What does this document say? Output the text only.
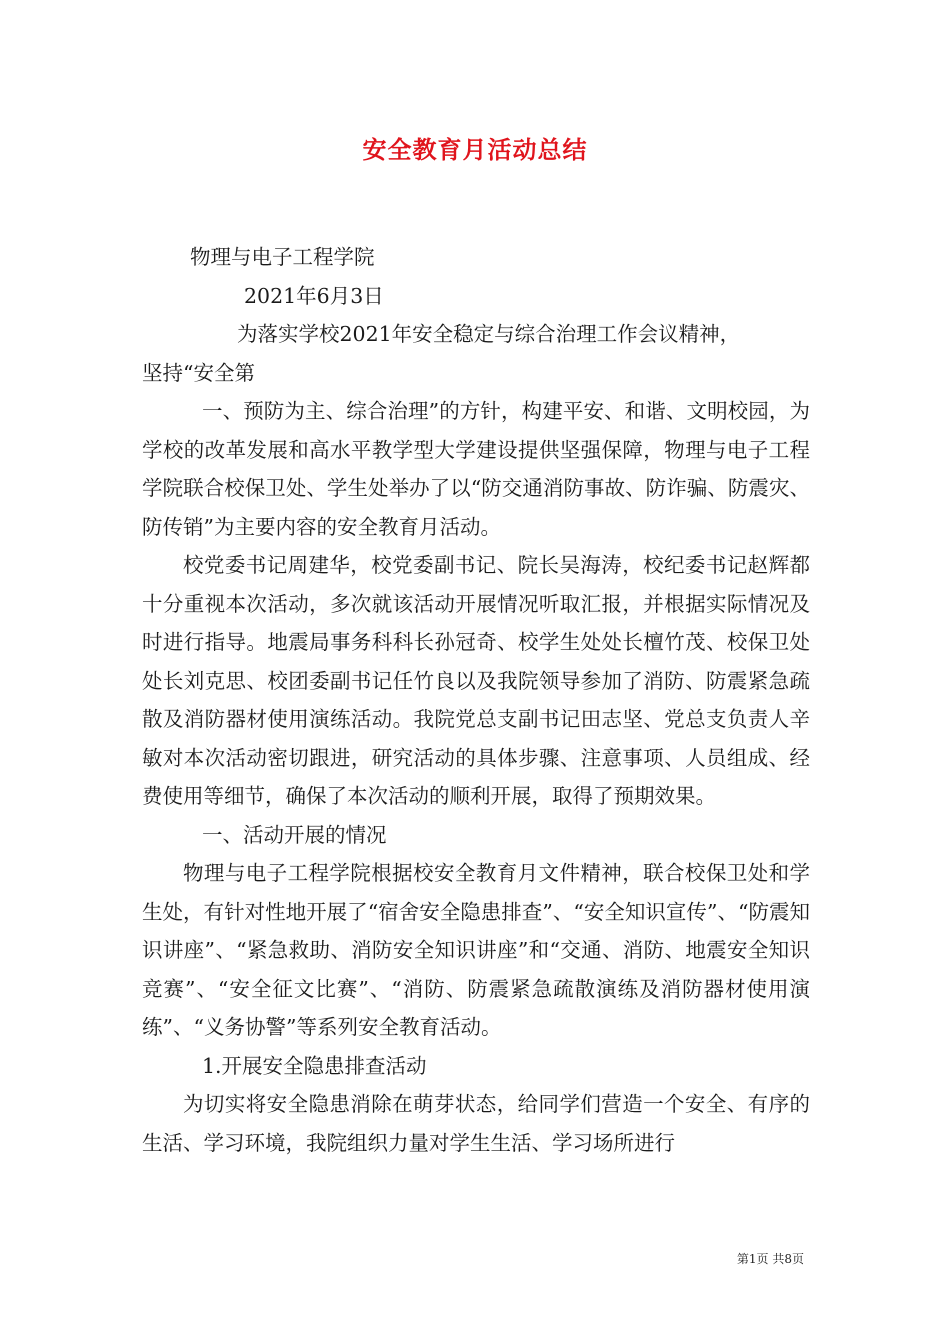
安全教育月活动总结

物理与电子工程学院

2021年6月3日

为落实学校2021年安全稳定与综合治理工作会议精神，

坚持“安全第

一、预防为主、综合治理”的方针，构建平安、和谐、文明校园，为学校的改革发展和高水平教学型大学建设提供坚强保障，物理与电子工程学院联合校保卫处、学生处举办了以“防交通消防事故、防诈骗、防震灾、防传销”为主要内容的安全教育月活动。

校党委书记周建华，校党委副书记、院长吴海涛，校纪委书记赵辉都十分重视本次活动，多次就该活动开展情况听取汇报，并根据实际情况及时进行指导。地震局事务科科长孙冠奇、校学生处处长檀竹茂、校保卫处处长刘克思、校团委副书记任竹良以及我院领导参加了消防、防震紧急疏散及消防器材使用演练活动。我院党总支副书记田志坚、党总支负责人辛敏对本次活动密切跟进，研究活动的具体步骤、注意事项、人员组成、经费使用等细节，确保了本次活动的顺利开展，取得了预期效果。

一、活动开展的情况

物理与电子工程学院根据校安全教育月文件精神，联合校保卫处和学生处，有针对性地开展了“宿舍安全隐患排查”、“安全知识宣传”、“防震知识讲座”、“紧急救助、消防安全知识讲座”和“交通、消防、地震安全知识竞赛”、“安全征文比赛”、“消防、防震紧急疏散演练及消防器材使用演练”、“义务协警”等系列安全教育活动。

1.开展安全隐患排查活动

为切实将安全隐患消除在萌芽状态，给同学们营造一个安全、有序的生活、学习环境，我院组织力量对学生生活、学习场所进行

第1页 共8页
